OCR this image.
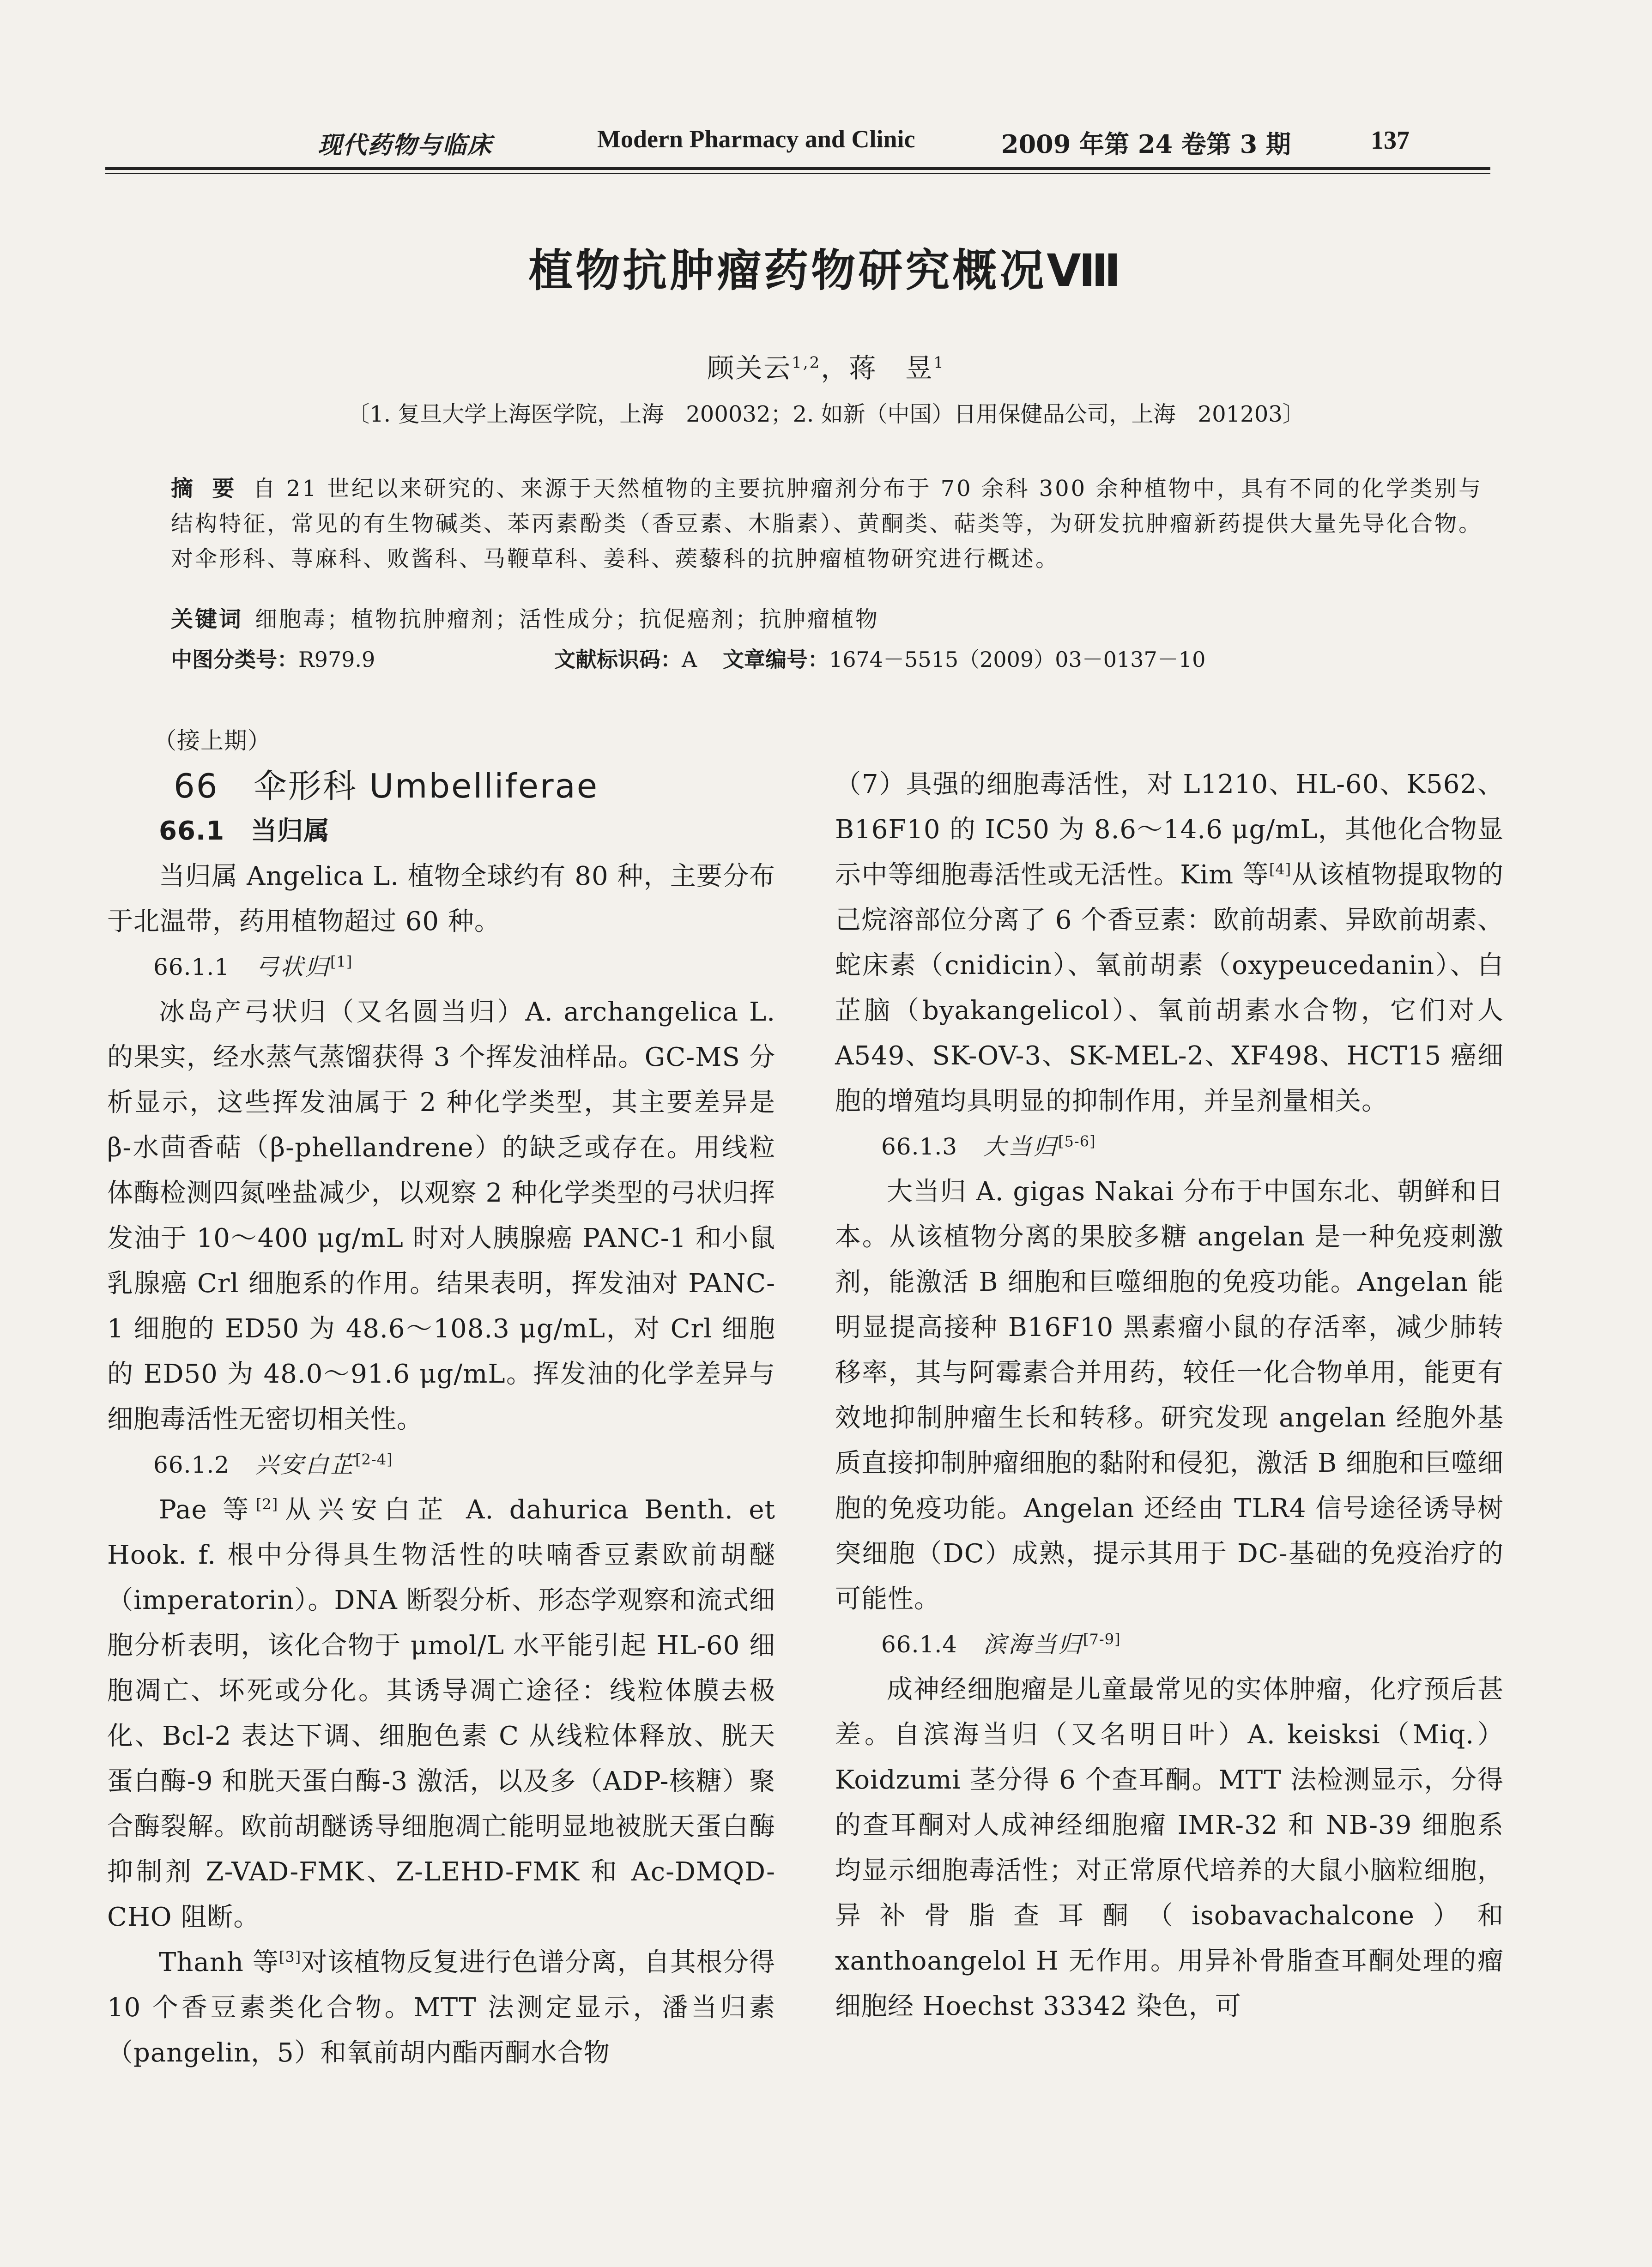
现代药物与临床	Modern Pharmacy and Clinic	2009 年第 24 卷第 3 期	137
植物抗肿瘤药物研究概况Ⅷ
顾关云$^{1,2}$，蒋　昱$^1$
〔1. 复旦大学上海医学院，上海　200032；2. 如新（中国）日用保健品公司，上海　201203〕
摘 要 自 21 世纪以来研究的、来源于天然植物的主要抗肿瘤剂分布于 70 余科 300 余种植物中，具有不同的化学类别与结构特征，常见的有生物碱类、苯丙素酚类（香豆素、木脂素）、黄酮类、萜类等，为研发抗肿瘤新药提供大量先导化合物。对伞形科、荨麻科、败酱科、马鞭草科、姜科、蒺藜科的抗肿瘤植物研究进行概述。
关键词 细胞毒；植物抗肿瘤剂；活性成分；抗促癌剂；抗肿瘤植物
中图分类号：R979.9	文献标识码：A 文章编号：1674－5515（2009）03－0137－10

（接上期）

66　伞形科 Umbelliferae

66.1　当归属

当归属 Angelica L. 植物全球约有 80 种，主要分布于北温带，药用植物超过 60 种。

66.1.1 弓状归[1]

冰岛产弓状归（又名圆当归）A. archangelica L. 的果实，经水蒸气蒸馏获得 3 个挥发油样品。GC-MS 分析显示，这些挥发油属于 2 种化学类型，其主要差异是 β-水茴香萜（β-phellandrene）的缺乏或存在。用线粒体酶检测四氮唑盐减少，以观察 2 种化学类型的弓状归挥发油于 10～400 μg/mL 时对人胰腺癌 PANC-1 和小鼠乳腺癌 Crl 细胞系的作用。结果表明，挥发油对 PANC-1 细胞的 ED50 为 48.6～108.3 μg/mL，对 Crl 细胞的 ED50 为 48.0～91.6 μg/mL。挥发油的化学差异与细胞毒活性无密切相关性。

66.1.2 兴安白芷[2-4]

Pae 等[2]从兴安白芷 A. dahurica Benth. et Hook. f. 根中分得具生物活性的呋喃香豆素欧前胡醚（imperatorin）。DNA 断裂分析、形态学观察和流式细胞分析表明，该化合物于 μmol/L 水平能引起 HL-60 细胞凋亡、坏死或分化。其诱导凋亡途径：线粒体膜去极化、Bcl-2 表达下调、细胞色素 C 从线粒体释放、胱天蛋白酶-9 和胱天蛋白酶-3 激活，以及多（ADP-核糖）聚合酶裂解。欧前胡醚诱导细胞凋亡能明显地被胱天蛋白酶抑制剂 Z-VAD-FMK、Z-LEHD-FMK 和 Ac-DMQD-CHO 阻断。

Thanh 等[3]对该植物反复进行色谱分离，自其根分得 10 个香豆素类化合物。MTT 法测定显示，潘当归素（pangelin，5）和氧前胡内酯丙酮水合物

（7）具强的细胞毒活性，对 L1210、HL-60、K562、B16F10 的 IC50 为 8.6～14.6 μg/mL，其他化合物显示中等细胞毒活性或无活性。Kim 等[4]从该植物提取物的己烷溶部位分离了 6 个香豆素：欧前胡素、异欧前胡素、蛇床素（cnidicin）、氧前胡素（oxypeucedanin）、白芷脑（byakangelicol）、氧前胡素水合物，它们对人 A549、SK-OV-3、SK-MEL-2、XF498、HCT15 癌细胞的增殖均具明显的抑制作用，并呈剂量相关。

66.1.3 大当归[5-6]

大当归 A. gigas Nakai 分布于中国东北、朝鲜和日本。从该植物分离的果胶多糖 angelan 是一种免疫刺激剂，能激活 B 细胞和巨噬细胞的免疫功能。Angelan 能明显提高接种 B16F10 黑素瘤小鼠的存活率，减少肺转移率，其与阿霉素合并用药，较任一化合物单用，能更有效地抑制肿瘤生长和转移。研究发现 angelan 经胞外基质直接抑制肿瘤细胞的黏附和侵犯，激活 B 细胞和巨噬细胞的免疫功能。Angelan 还经由 TLR4 信号途径诱导树突细胞（DC）成熟，提示其用于 DC-基础的免疫治疗的可能性。

66.1.4 滨海当归[7-9]

成神经细胞瘤是儿童最常见的实体肿瘤，化疗预后甚差。自滨海当归（又名明日叶）A. keisksi（Miq.）Koidzumi 茎分得 6 个查耳酮。MTT 法检测显示，分得的查耳酮对人成神经细胞瘤 IMR-32 和 NB-39 细胞系均显示细胞毒活性；对正常原代培养的大鼠小脑粒细胞，异补骨脂查耳酮（isobavachalcone）和 xanthoangelol H 无作用。用异补骨脂查耳酮处理的瘤细胞经 Hoechst 33342 染色，可
